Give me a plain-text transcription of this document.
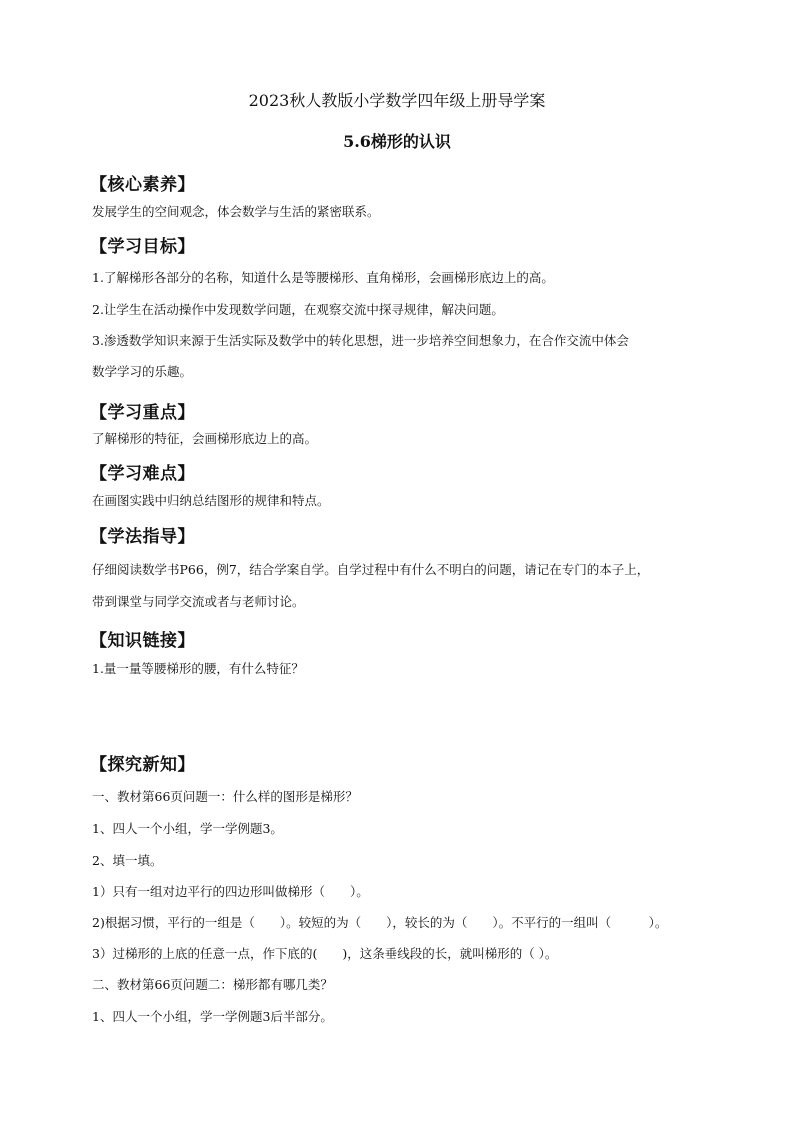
2023秋人教版小学数学四年级上册导学案
5.6梯形的认识
【核心素养】
发展学生的空间观念，体会数学与生活的紧密联系。
【学习目标】
1.了解梯形各部分的名称，知道什么是等腰梯形、直角梯形，会画梯形底边上的高。
2.让学生在活动操作中发现数学问题，在观察交流中探寻规律，解决问题。
3.渗透数学知识来源于生活实际及数学中的转化思想，进一步培养空间想象力，在合作交流中体会
数学学习的乐趣。
【学习重点】
了解梯形的特征，会画梯形底边上的高。
【学习难点】
在画图实践中归纳总结图形的规律和特点。
【学法指导】
仔细阅读数学书P66，例7，结合学案自学。自学过程中有什么不明白的问题，请记在专门的本子上，
带到课堂与同学交流或者与老师讨论。
【知识链接】
1.量一量等腰梯形的腰，有什么特征？
【探究新知】
一、教材第66页问题一：什么样的图形是梯形？
1、四人一个小组，学一学例题3。
2、填一填。
1）只有一组对边平行的四边形叫做梯形（　　）。
2)根据习惯，平行的一组是（　　）。较短的为（　　），较长的为（　　）。不平行的一组叫（　　　）。
3）过梯形的上底的任意一点，作下底的(　　)，这条垂线段的长，就叫梯形的（ ）。
二、教材第66页问题二：梯形都有哪几类？
1、四人一个小组，学一学例题3后半部分。
